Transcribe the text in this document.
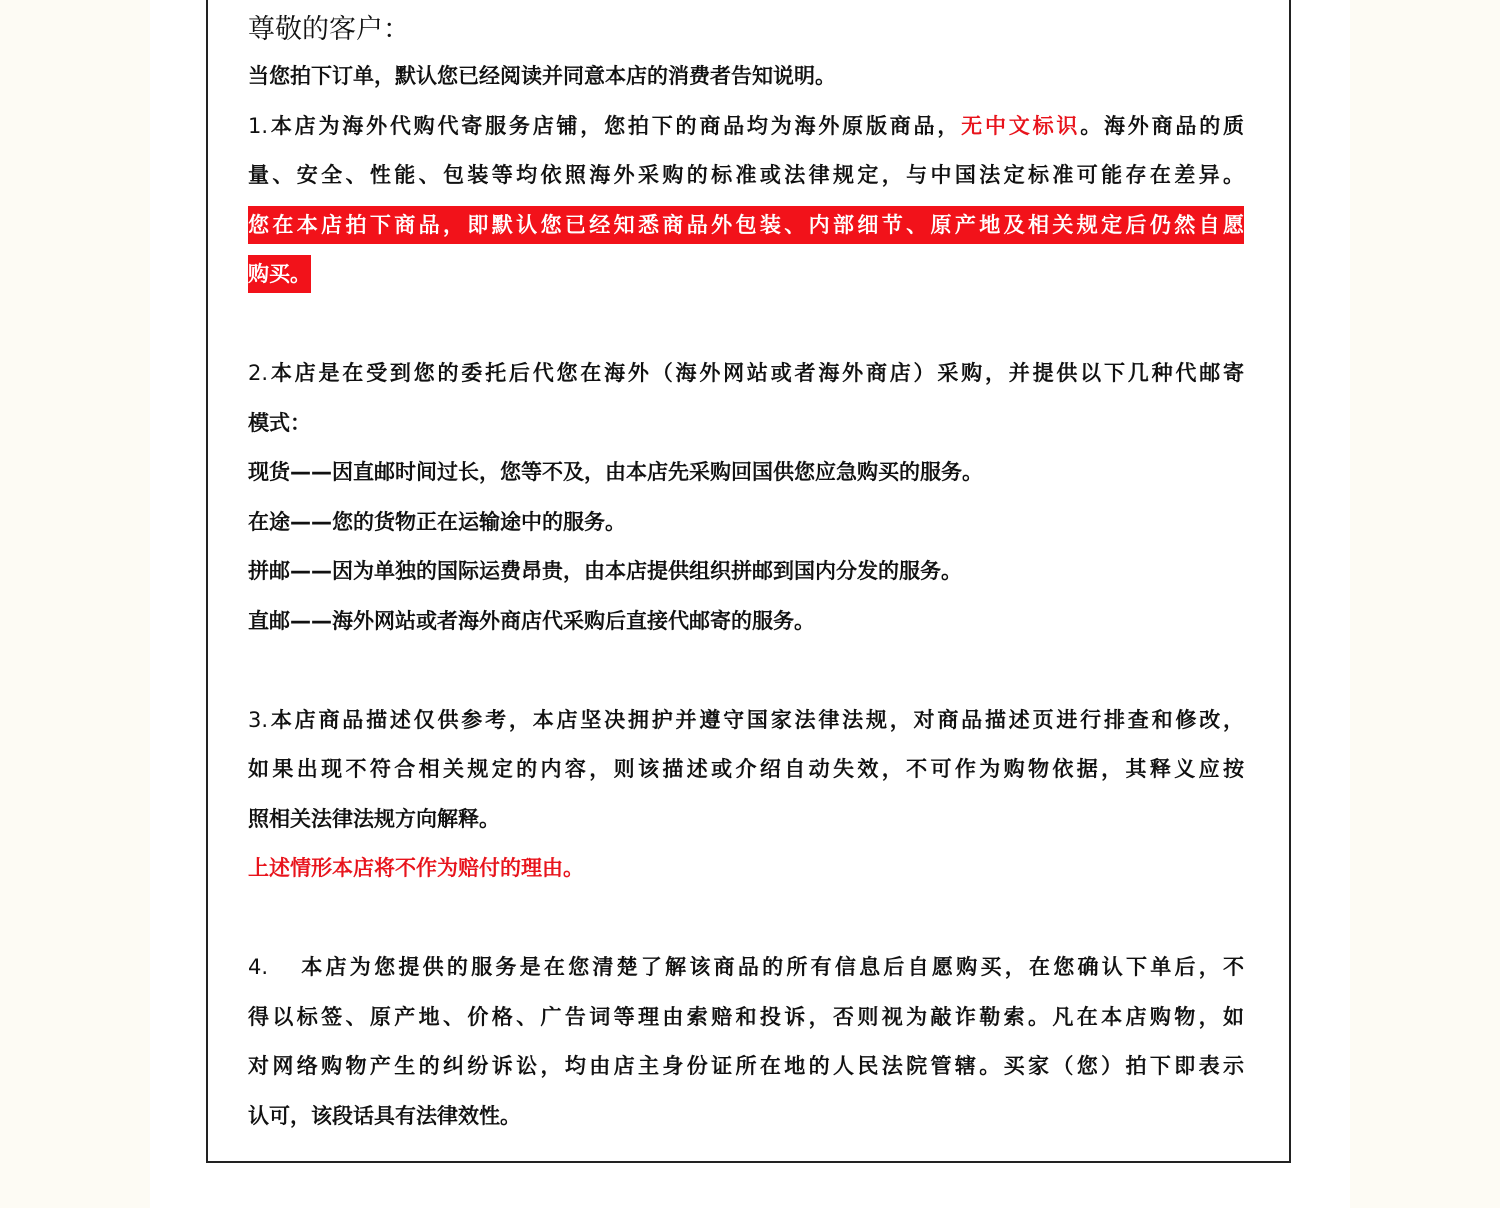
尊敬的客户：
当您拍下订单，默认您已经阅读并同意本店的消费者告知说明。
1.本店为海外代购代寄服务店铺，您拍下的商品均为海外原版商品，无中文标识。海外商品的质
量、安全、性能、包装等均依照海外采购的标准或法律规定，与中国法定标准可能存在差异。
您在本店拍下商品，即默认您已经知悉商品外包装、内部细节、原产地及相关规定后仍然自愿
购买。
2.本店是在受到您的委托后代您在海外（海外网站或者海外商店）采购，并提供以下几种代邮寄
模式：
现货——因直邮时间过长，您等不及，由本店先采购回国供您应急购买的服务。
在途——您的货物正在运输途中的服务。
拼邮——因为单独的国际运费昂贵，由本店提供组织拼邮到国内分发的服务。
直邮——海外网站或者海外商店代采购后直接代邮寄的服务。
3.本店商品描述仅供参考，本店坚决拥护并遵守国家法律法规，对商品描述页进行排查和修改，
如果出现不符合相关规定的内容，则该描述或介绍自动失效，不可作为购物依据，其释义应按
照相关法律法规方向解释。
上述情形本店将不作为赔付的理由。
4. 本店为您提供的服务是在您清楚了解该商品的所有信息后自愿购买，在您确认下单后，不
得以标签、原产地、价格、广告词等理由索赔和投诉，否则视为敲诈勒索。凡在本店购物，如
对网络购物产生的纠纷诉讼，均由店主身份证所在地的人民法院管辖。买家（您）拍下即表示
认可，该段话具有法律效性。
